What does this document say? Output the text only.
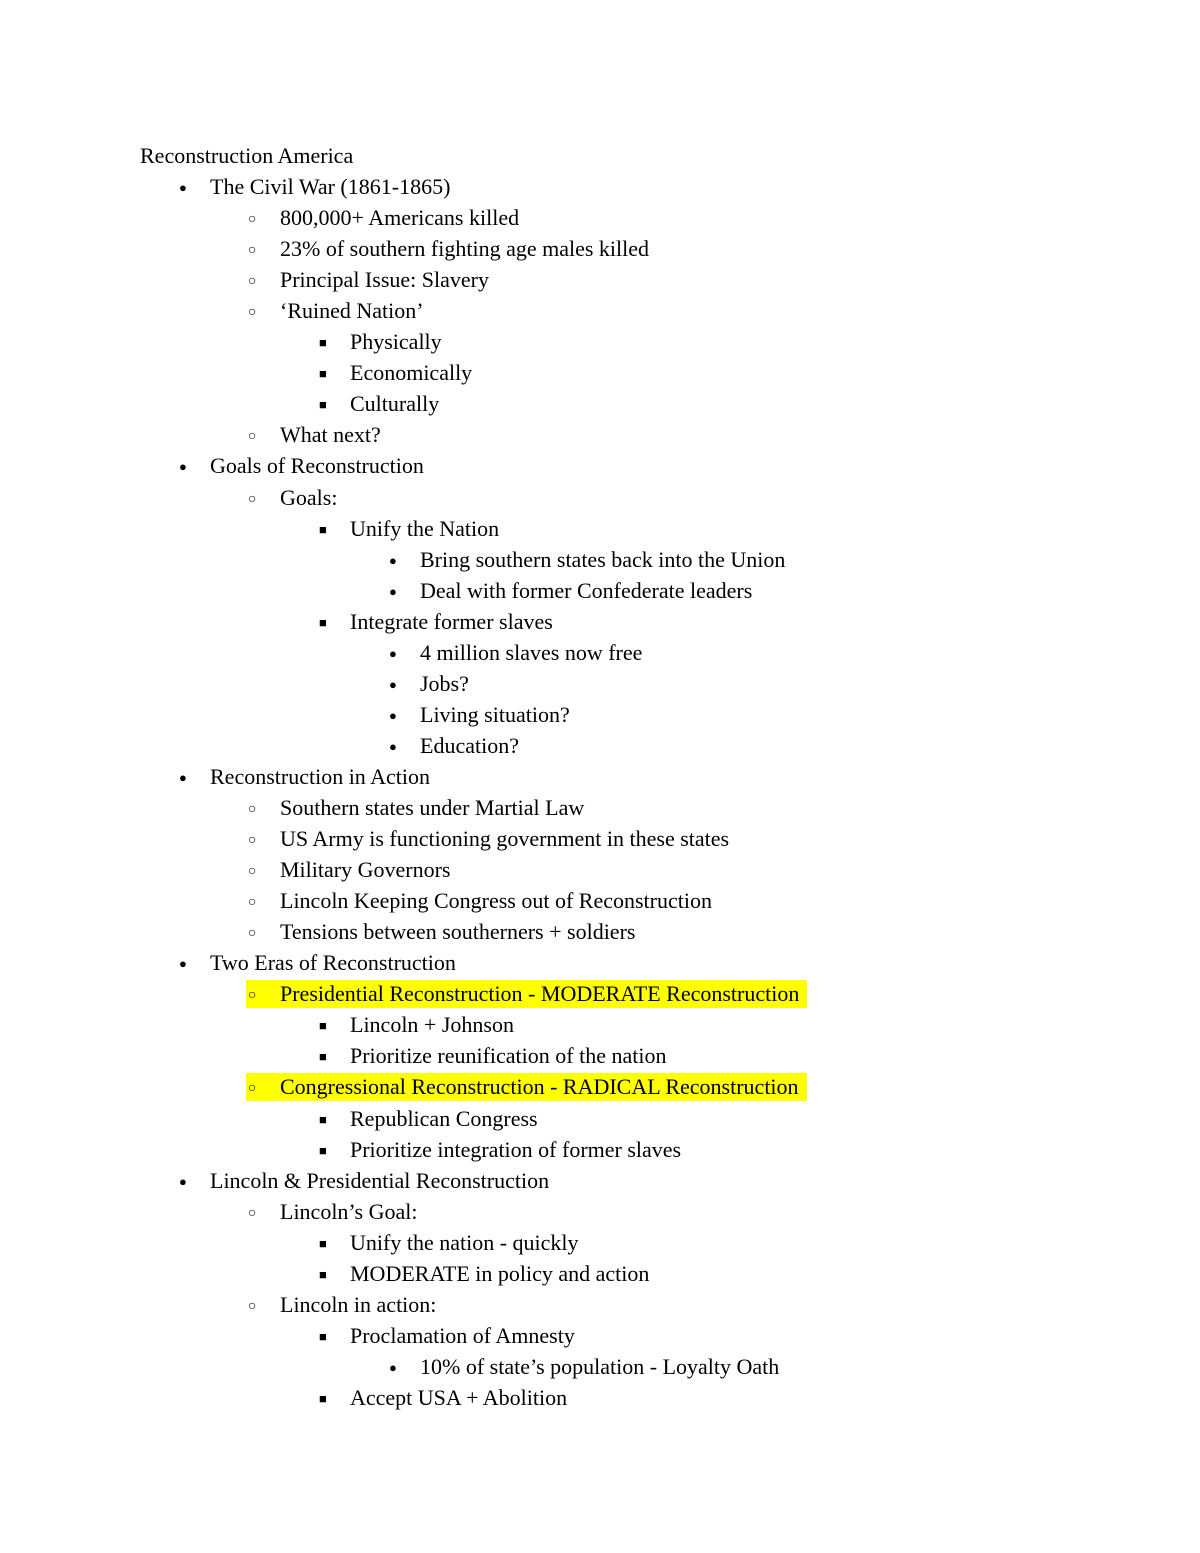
Reconstruction America
●The Civil War (1861-1865)
○800,000+ Americans killed
○23% of southern fighting age males killed
○Principal Issue: Slavery
○‘Ruined Nation’
■Physically
■Economically
■Culturally
○What next?
●Goals of Reconstruction
○Goals:
■Unify the Nation
●Bring southern states back into the Union
●Deal with former Confederate leaders
■Integrate former slaves
●4 million slaves now free
●Jobs?
●Living situation?
●Education?
●Reconstruction in Action
○Southern states under Martial Law
○US Army is functioning government in these states
○Military Governors
○Lincoln Keeping Congress out of Reconstruction
○Tensions between southerners + soldiers
●Two Eras of Reconstruction
○Presidential Reconstruction - MODERATE Reconstruction
■Lincoln + Johnson
■Prioritize reunification of the nation
○Congressional Reconstruction - RADICAL Reconstruction
■Republican Congress
■Prioritize integration of former slaves
●Lincoln & Presidential Reconstruction
○Lincoln’s Goal:
■Unify the nation - quickly
■MODERATE in policy and action
○Lincoln in action:
■Proclamation of Amnesty
●10% of state’s population - Loyalty Oath
■Accept USA + Abolition
